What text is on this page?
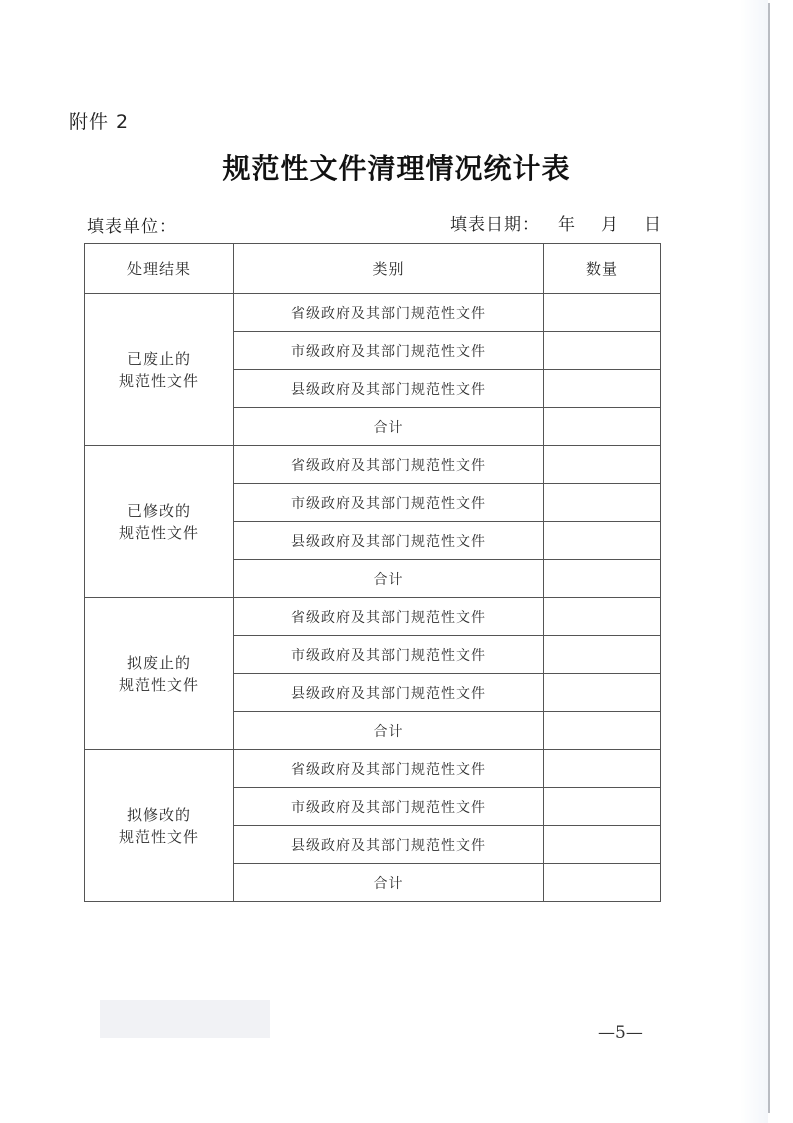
附件 2
规范性文件清理情况统计表
填表单位：	填表日期： 年 月 日
处理结果	类别	数量

已废止的
规范性文件	省级政府及其部门规范性文件	
	市级政府及其部门规范性文件	
	县级政府及其部门规范性文件	
	合计	

已修改的
规范性文件	省级政府及其部门规范性文件	
	市级政府及其部门规范性文件	
	县级政府及其部门规范性文件	
	合计	

拟废止的
规范性文件	省级政府及其部门规范性文件	
	市级政府及其部门规范性文件	
	县级政府及其部门规范性文件	
	合计	

拟修改的
规范性文件	省级政府及其部门规范性文件	
	市级政府及其部门规范性文件	
	县级政府及其部门规范性文件	
	合计	
—5—
